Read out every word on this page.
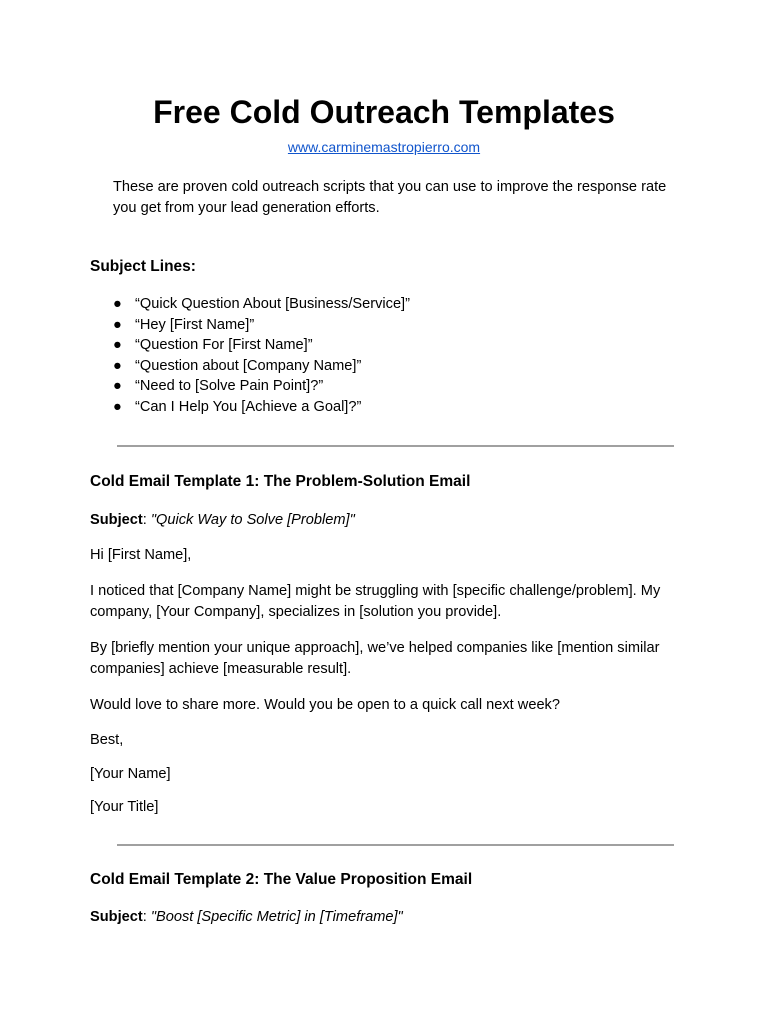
Free Cold Outreach Templates
www.carminemastropierro.com

These are proven cold outreach scripts that you can use to improve the response rate you get from your lead generation efforts.

Subject Lines:
● “Quick Question About [Business/Service]”
● “Hey [First Name]”
● “Question For [First Name]”
● “Question about [Company Name]”
● “Need to [Solve Pain Point]?”
● “Can I Help You [Achieve a Goal]?”
Cold Email Template 1: The Problem-Solution Email

Subject: "Quick Way to Solve [Problem]"

Hi [First Name],

I noticed that [Company Name] might be struggling with [specific challenge/problem]. My company, [Your Company], specializes in [solution you provide].

By [briefly mention your unique approach], we’ve helped companies like [mention similar companies] achieve [measurable result].

Would love to share more. Would you be open to a quick call next week?

Best,

[Your Name]

[Your Title]

Cold Email Template 2: The Value Proposition Email

Subject: "Boost [Specific Metric] in [Timeframe]"
